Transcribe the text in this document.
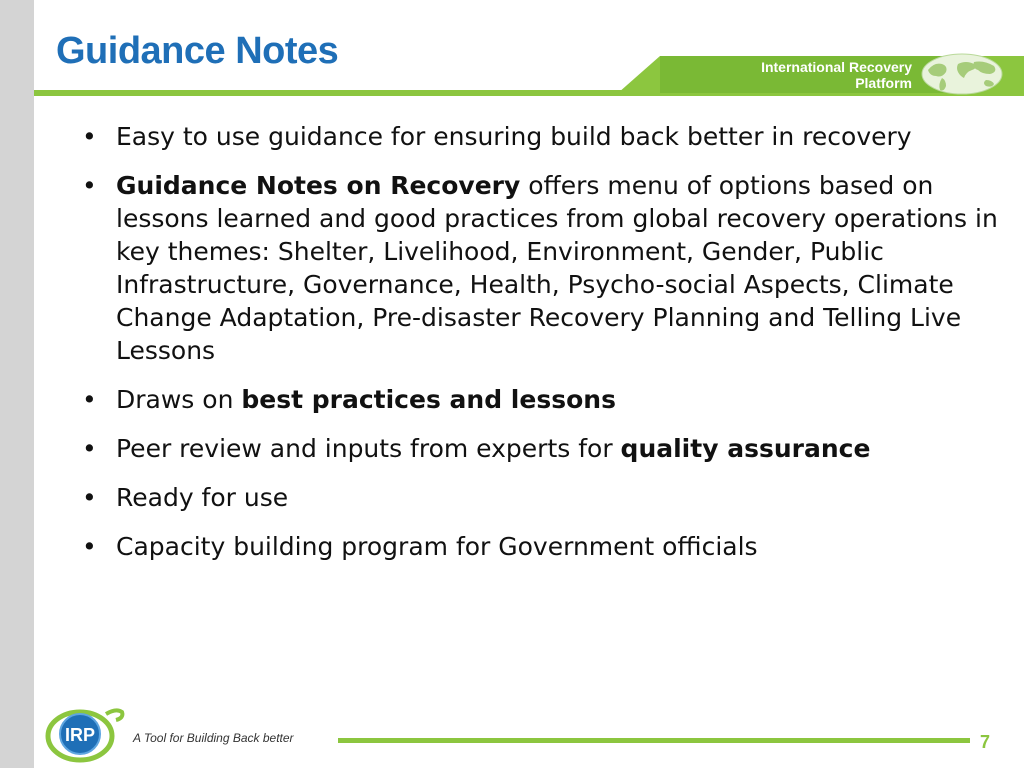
Guidance Notes	International Recovery
Platform
• Easy to use guidance for ensuring build back better in recovery
• Guidance Notes on Recovery offers menu of options based on lessons learned and good practices from global recovery operations in key themes: Shelter, Livelihood, Environment, Gender, Public Infrastructure, Governance, Health, Psycho-social Aspects, Climate Change Adaptation, Pre-disaster Recovery Planning and Telling Live Lessons
• Draws on best practices and lessons
• Peer review and inputs from experts for quality assurance
• Ready for use
• Capacity building program for Government officials
IRP	A Tool for Building Back better	7
